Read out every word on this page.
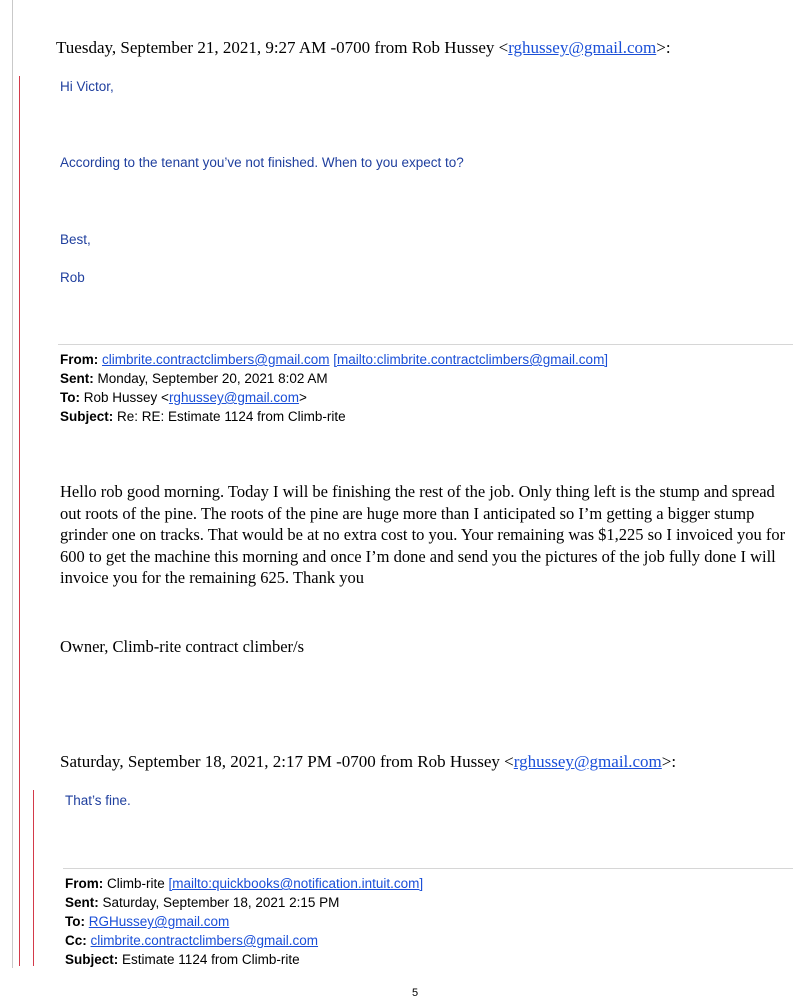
Tuesday, September 21, 2021, 9:27 AM -0700 from Rob Hussey <rghussey@gmail.com>:
Hi Victor,
According to the tenant you’ve not finished. When to you expect to?
Best,
Rob
From: climbrite.contractclimbers@gmail.com [mailto:climbrite.contractclimbers@gmail.com]
Sent: Monday, September 20, 2021 8:02 AM
To: Rob Hussey <rghussey@gmail.com>
Subject: Re: RE: Estimate 1124 from Climb-rite
Hello rob good morning. Today I will be finishing the rest of the job. Only thing left is the stump and spread out roots of the pine. The roots of the pine are huge more than I anticipated so I’m getting a bigger stump grinder one on tracks. That would be at no extra cost to you. Your remaining was $1,225 so I invoiced you for 600 to get the machine this morning and once I’m done and send you the pictures of the job fully done I will invoice you for the remaining 625. Thank you
Owner, Climb-rite contract climber/s
Saturday, September 18, 2021, 2:17 PM -0700 from Rob Hussey <rghussey@gmail.com>:
That’s fine.
From: Climb-rite [mailto:quickbooks@notification.intuit.com]
Sent: Saturday, September 18, 2021 2:15 PM
To: RGHussey@gmail.com
Cc: climbrite.contractclimbers@gmail.com
Subject: Estimate 1124 from Climb-rite
5
